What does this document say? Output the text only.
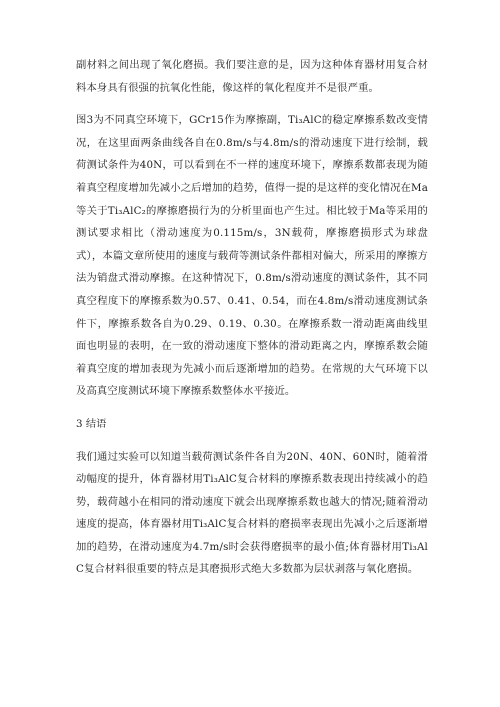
副材料之间出现了氧化磨损。我们要注意的是，因为这种体育器材用复合材料本身具有很强的抗氧化性能，像这样的氧化程度并不是很严重。

图3为不同真空环境下，GCr15作为摩擦副，Ti₃AlC的稳定摩擦系数改变情况，在这里面两条曲线各自在0.8m/s与4.8m/s的滑动速度下进行绘制，载荷测试条件为40N，可以看到在不一样的速度环境下，摩擦系数都表现为随着真空程度增加先减小之后增加的趋势，值得一提的是这样的变化情况在Ma等关于Ti₃AlC₂的摩擦磨损行为的分析里面也产生过。相比较于Ma等采用的测试要求相比（滑动速度为0.115m/s，3N载荷，摩擦磨损形式为球盘式），本篇文章所使用的速度与载荷等测试条件都相对偏大，所采用的摩擦方法为销盘式滑动摩擦。在这种情况下，0.8m/s滑动速度的测试条件，其不同真空程度下的摩擦系数为0.57、0.41、0.54，而在4.8m/s滑动速度测试条件下，摩擦系数各自为0.29、0.19、0.30。在摩擦系数一滑动距离曲线里面也明显的表明，在一致的滑动速度下整体的滑动距离之内，摩擦系数会随着真空度的增加表现为先减小而后逐渐增加的趋势。在常规的大气环境下以及高真空度测试环境下摩擦系数整体水平接近。

3 结语

我们通过实验可以知道当载荷测试条件各自为20N、40N、60N时，随着滑动幅度的提升，体育器材用Ti₃AlC复合材料的摩擦系数表现出持续减小的趋势，载荷越小在相同的滑动速度下就会出现摩擦系数也越大的情况;随着滑动速度的提高，体育器材用Ti₃AlC复合材料的磨损率表现出先减小之后逐渐增加的趋势，在滑动速度为4.7m/s时会获得磨损率的最小值;体育器材用Ti₃AlC复合材料很重要的特点是其磨损形式绝大多数都为层状剥落与氧化磨损。
